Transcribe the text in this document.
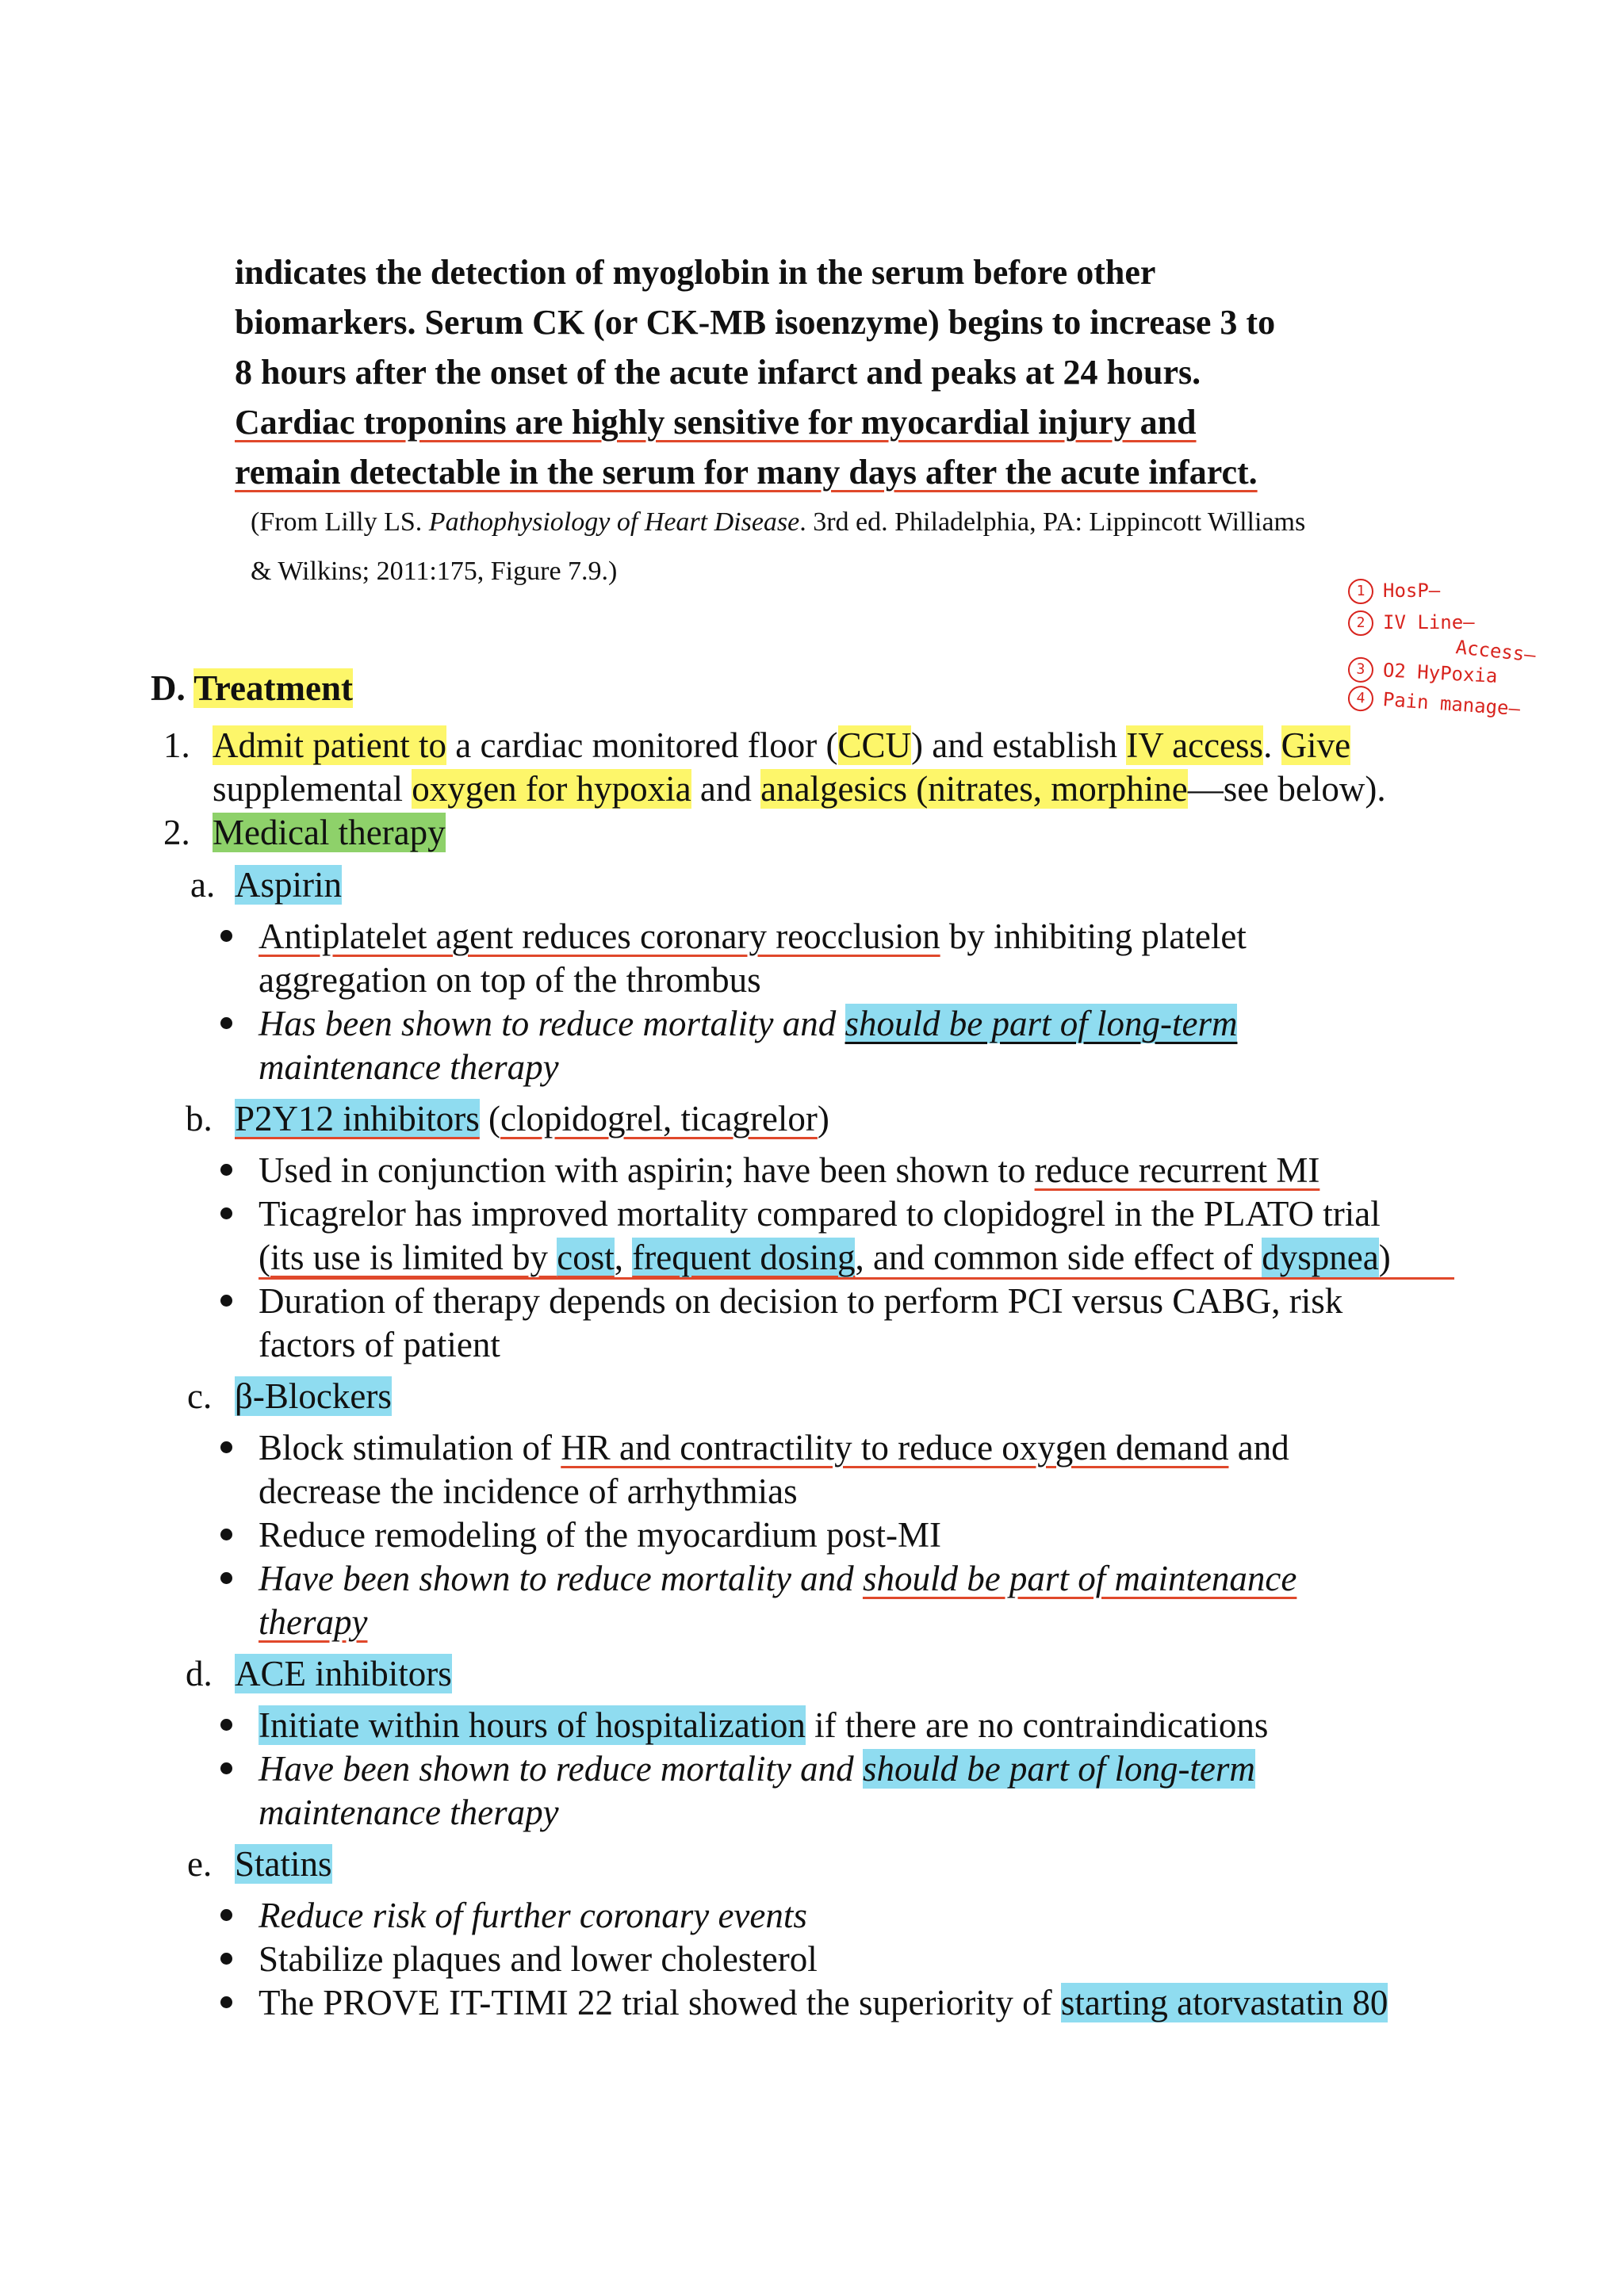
indicates the detection of myoglobin in the serum before other
biomarkers. Serum CK (or CK-MB isoenzyme) begins to increase 3 to
8 hours after the onset of the acute infarct and peaks at 24 hours.
Cardiac troponins are highly sensitive for myocardial injury and
remain detectable in the serum for many days after the acute infarct.
(From Lilly LS. Pathophysiology of Heart Disease. 3rd ed. Philadelphia, PA: Lippincott Williams
& Wilkins; 2011:175, Figure 7.9.)
1 HosP—
2 IV Line—
Access—
3 O2 HyPoxia
4 Pain manage—
D. Treatment
1. Admit patient to a cardiac monitored floor (CCU) and establish IV access. Give
supplemental oxygen for hypoxia and analgesics (nitrates, morphine—see below).
2. Medical therapy
a. Aspirin
Antiplatelet agent reduces coronary reocclusion by inhibiting platelet
aggregation on top of the thrombus
Has been shown to reduce mortality and should be part of long-term
maintenance therapy
b. P2Y12 inhibitors (clopidogrel, ticagrelor)
Used in conjunction with aspirin; have been shown to reduce recurrent MI
Ticagrelor has improved mortality compared to clopidogrel in the PLATO trial
(its use is limited by cost, frequent dosing, and common side effect of dyspnea)
Duration of therapy depends on decision to perform PCI versus CABG, risk
factors of patient
c. β-Blockers
Block stimulation of HR and contractility to reduce oxygen demand and
decrease the incidence of arrhythmias
Reduce remodeling of the myocardium post-MI
Have been shown to reduce mortality and should be part of maintenance
therapy
d. ACE inhibitors
Initiate within hours of hospitalization if there are no contraindications
Have been shown to reduce mortality and should be part of long-term
maintenance therapy
e. Statins
Reduce risk of further coronary events
Stabilize plaques and lower cholesterol
The PROVE IT-TIMI 22 trial showed the superiority of starting atorvastatin 80
